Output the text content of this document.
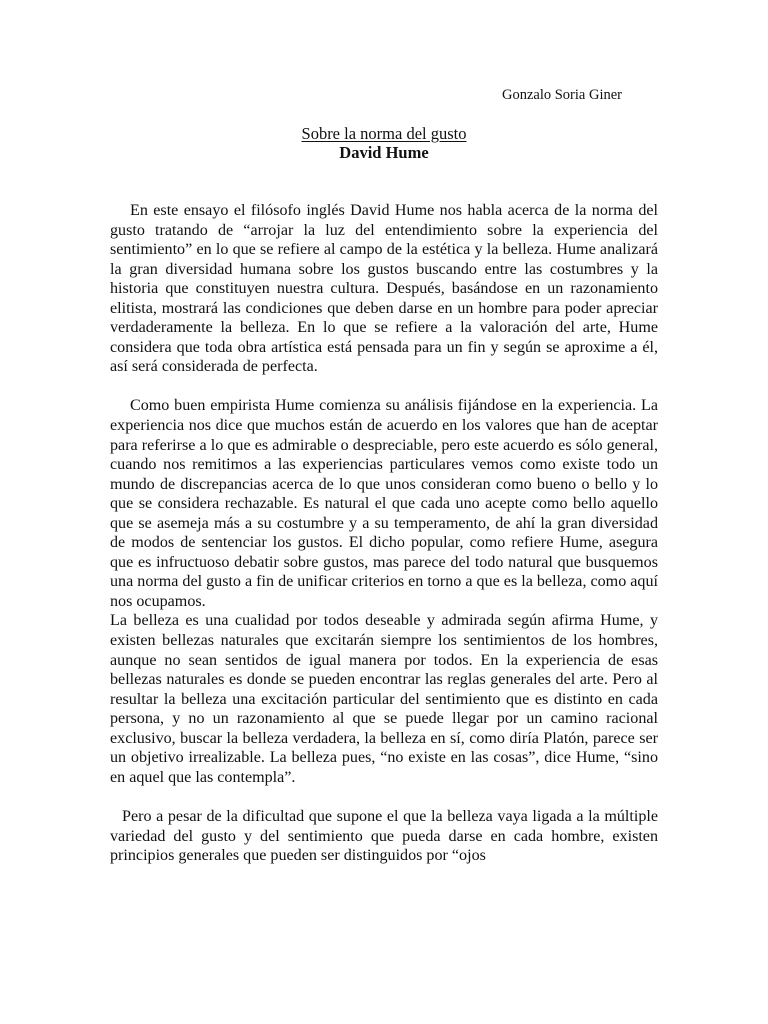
Gonzalo Soria Giner
Sobre la norma del gusto
David Hume

En este ensayo el filósofo inglés David Hume nos habla acerca de la norma del gusto tratando de “arrojar la luz del entendimiento sobre la experiencia del sentimiento” en lo que se refiere al campo de la estética y la belleza. Hume analizará la gran diversidad humana sobre los gustos buscando entre las costumbres y la historia que constituyen nuestra cultura. Después, basándose en un razonamiento elitista, mostrará las condiciones que deben darse en un hombre para poder apreciar verdaderamente la belleza. En lo que se refiere a la valoración del arte, Hume considera que toda obra artística está pensada para un fin y según se aproxime a él, así será considerada de perfecta.

Como buen empirista Hume comienza su análisis fijándose en la experiencia. La experiencia nos dice que muchos están de acuerdo en los valores que han de aceptar para referirse a lo que es admirable o despreciable, pero este acuerdo es sólo general, cuando nos remitimos a las experiencias particulares vemos como existe todo un mundo de discrepancias acerca de lo que unos consideran como bueno o bello y lo que se considera rechazable. Es natural el que cada uno acepte como bello aquello que se asemeja más a su costumbre y a su temperamento, de ahí la gran diversidad de modos de sentenciar los gustos. El dicho popular, como refiere Hume, asegura que es infructuoso debatir sobre gustos, mas parece del todo natural que busquemos una norma del gusto a fin de unificar criterios en torno a que es la belleza, como aquí nos ocupamos.

La belleza es una cualidad por todos deseable y admirada según afirma Hume, y existen bellezas naturales que excitarán siempre los sentimientos de los hombres, aunque no sean sentidos de igual manera por todos. En la experiencia de esas bellezas naturales es donde se pueden encontrar las reglas generales del arte. Pero al resultar la belleza una excitación particular del sentimiento que es distinto en cada persona, y no un razonamiento al que se puede llegar por un camino racional exclusivo, buscar la belleza verdadera, la belleza en sí, como diría Platón, parece ser un objetivo irrealizable. La belleza pues, “no existe en las cosas”, dice Hume, “sino en aquel que las contempla”.

Pero a pesar de la dificultad que supone el que la belleza vaya ligada a la múltiple variedad del gusto y del sentimiento que pueda darse en cada hombre, existen principios generales que pueden ser distinguidos por “ojos
